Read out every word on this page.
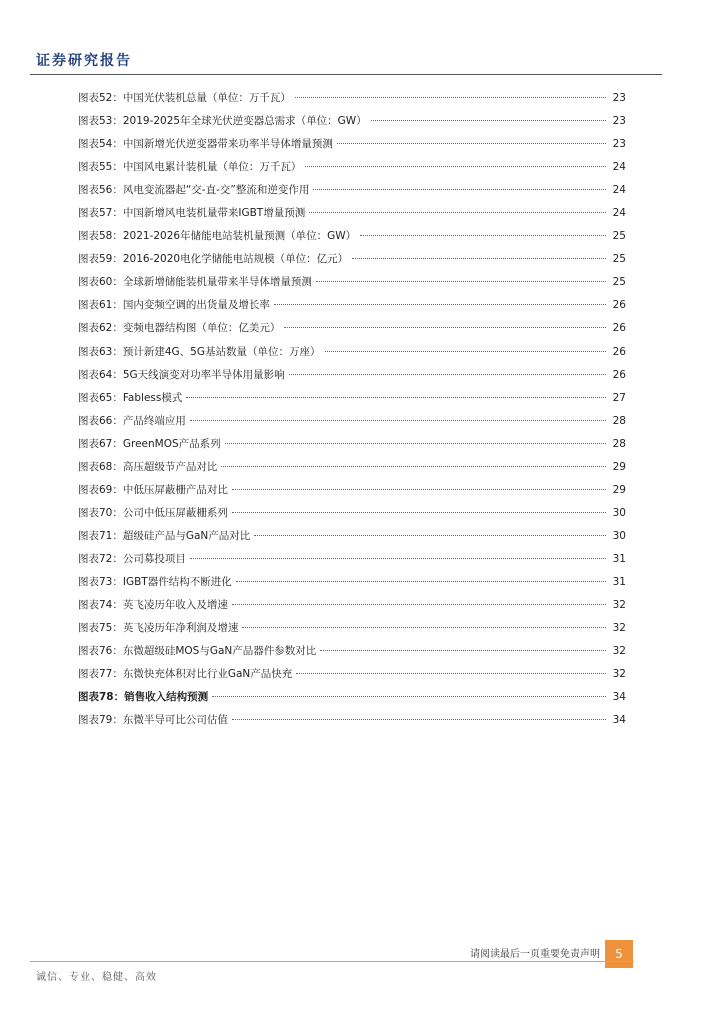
证券研究报告
图表52：中国光伏装机总量（单位：万千瓦）	23
图表53：2019-2025年全球光伏逆变器总需求（单位：GW）	23
图表54：中国新增光伏逆变器带来功率半导体增量预测	23
图表55：中国风电累计装机量（单位：万千瓦）	24
图表56：风电变流器起“交-直-交”整流和逆变作用	24
图表57：中国新增风电装机量带来IGBT增量预测	24
图表58：2021-2026年储能电站装机量预测（单位：GW）	25
图表59：2016-2020电化学储能电站规模（单位：亿元）	25
图表60：全球新增储能装机量带来半导体增量预测	25
图表61：国内变频空调的出货量及增长率	26
图表62：变频电器结构图（单位：亿美元）	26
图表63：预计新建4G、5G基站数量（单位：万座）	26
图表64：5G天线演变对功率半导体用量影响	26
图表65：Fabless模式	27
图表66：产品终端应用	28
图表67：GreenMOS产品系列	28
图表68：高压超级节产品对比	29
图表69：中低压屏蔽栅产品对比	29
图表70：公司中低压屏蔽栅系列	30
图表71：超级硅产品与GaN产品对比	30
图表72：公司募投项目	31
图表73：IGBT器件结构不断进化	31
图表74：英飞凌历年收入及增速	32
图表75：英飞凌历年净利润及增速	32
图表76：东微超级硅MOS与GaN产品器件参数对比	32
图表77：东微快充体积对比行业GaN产品快充	32
图表78：销售收入结构预测	34
图表79：东微半导可比公司估值	34
请阅读最后一页重要免责声明 5
诚信、专业、稳健、高效
